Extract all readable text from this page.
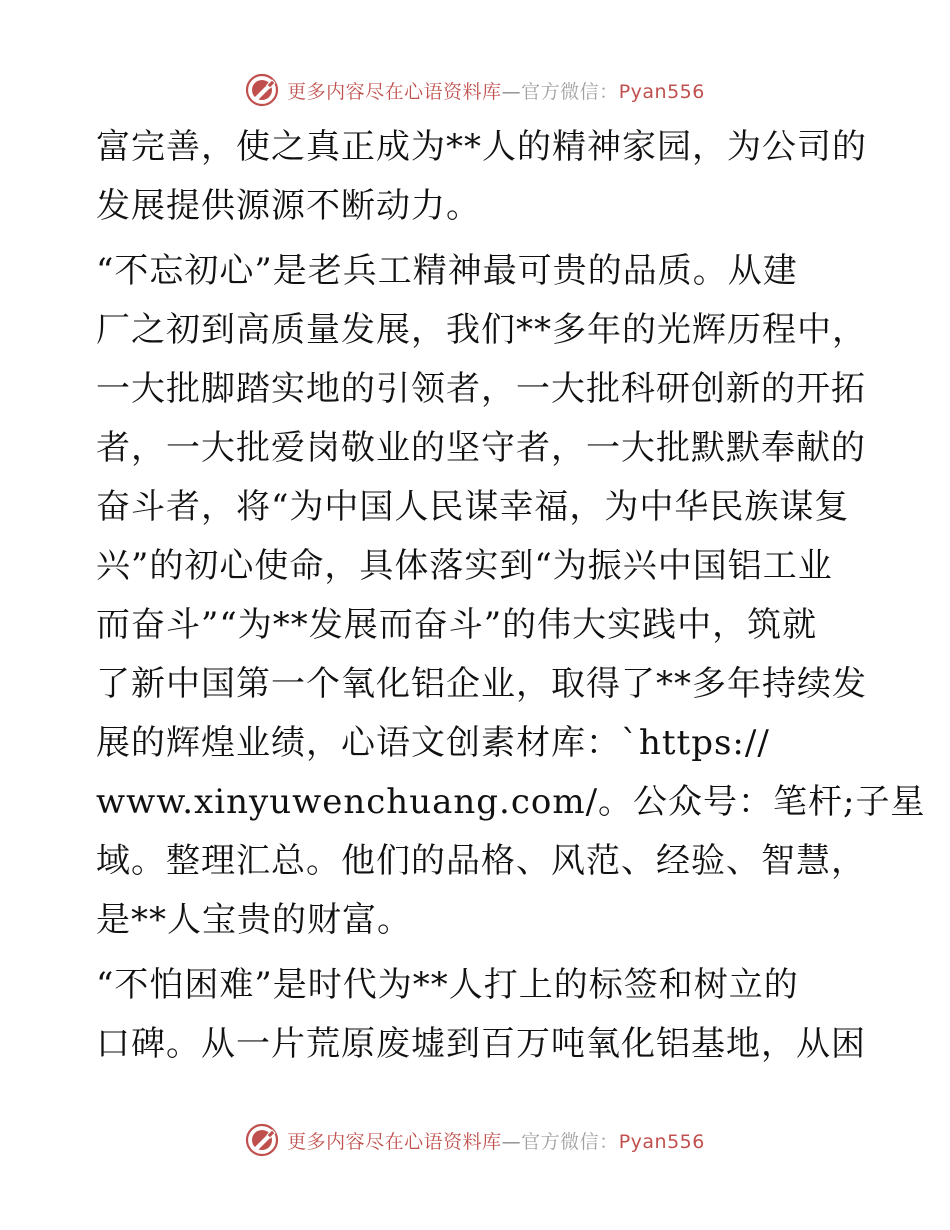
更多内容尽在心语资料库—官方微信：Pyan556
富完善，使之真正成为**人的精神家园，为公司的
发展提供源源不断动力。
“不忘初心”是老兵工精神最可贵的品质。从建
厂之初到高质量发展，我们**多年的光辉历程中，
一大批脚踏实地的引领者，一大批科研创新的开拓
者，一大批爱岗敬业的坚守者，一大批默默奉献的
奋斗者，将“为中国人民谋幸福，为中华民族谋复
兴”的初心使命，具体落实到“为振兴中国铝工业
而奋斗”“为**发展而奋斗”的伟大实践中，筑就
了新中国第一个氧化铝企业，取得了**多年持续发
展的辉煌业绩，心语文创素材库：`https://
www.xinyuwenchuang.com/。公众号：笔杆;子星
域。整理汇总。他们的品格、风范、经验、智慧，
是**人宝贵的财富。
“不怕困难”是时代为**人打上的标签和树立的
口碑。从一片荒原废墟到百万吨氧化铝基地，从困
更多内容尽在心语资料库—官方微信：Pyan556
